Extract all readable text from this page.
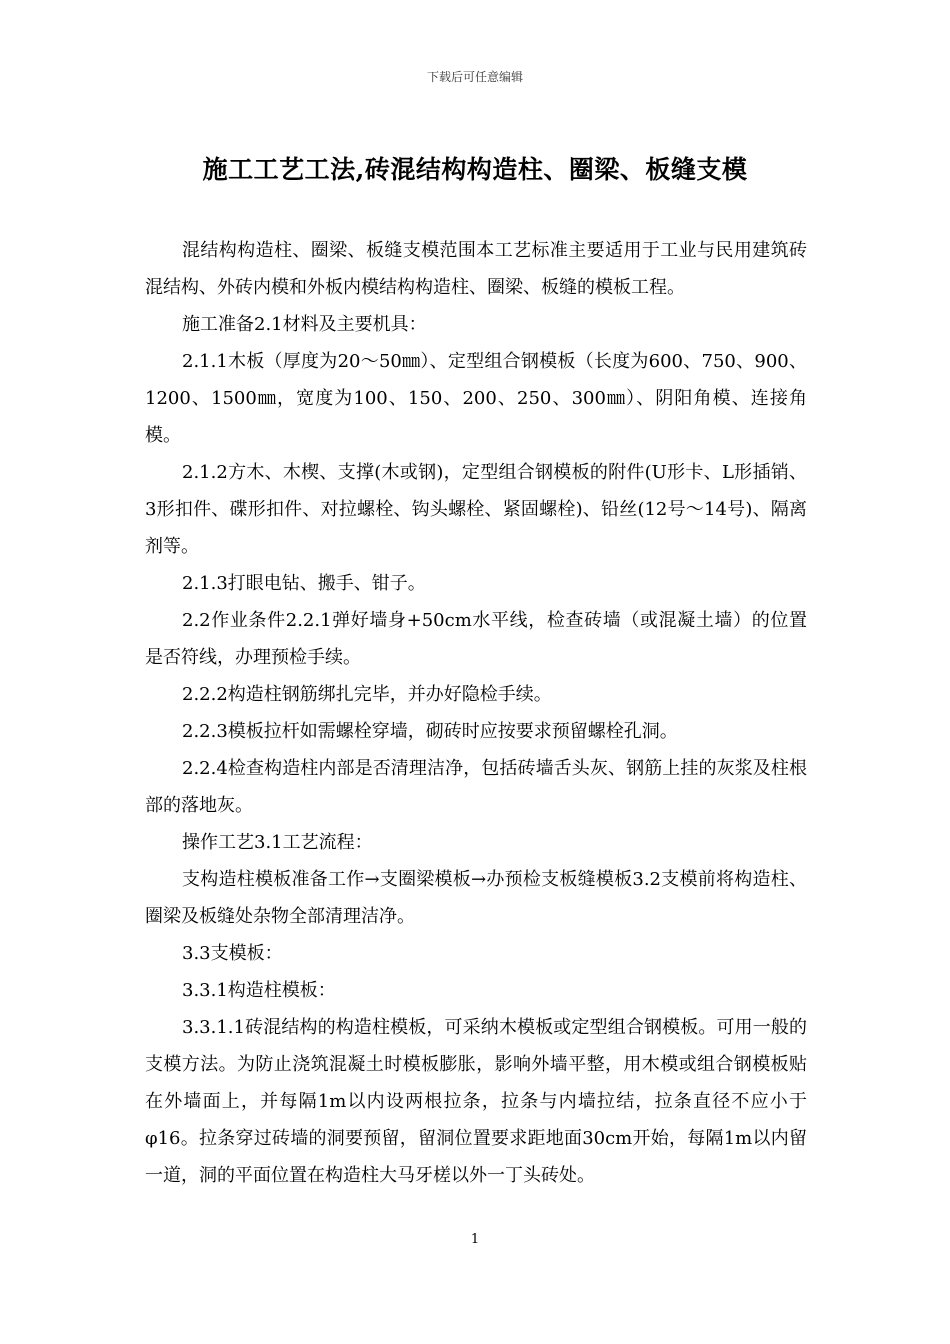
下载后可任意编辑
施工工艺工法,砖混结构构造柱、圈梁、板缝支模

混结构构造柱、圈梁、板缝支模范围本工艺标准主要适用于工业与民用建筑砖混结构、外砖内模和外板内模结构构造柱、圈梁、板缝的模板工程。

施工准备2.1材料及主要机具：

2.1.1木板（厚度为20～50㎜）、定型组合钢模板（长度为600、750、900、1200、1500㎜，宽度为100、150、200、250、300㎜）、阴阳角模、连接角模。

2.1.2方木、木楔、支撑(木或钢)，定型组合钢模板的附件(U形卡、L形插销、3形扣件、碟形扣件、对拉螺栓、钩头螺栓、紧固螺栓)、铅丝(12号～14号)、隔离剂等。

2.1.3打眼电钻、搬手、钳子。

2.2作业条件2.2.1弹好墙身+50cm水平线，检查砖墙（或混凝土墙）的位置是否符线，办理预检手续。

2.2.2构造柱钢筋绑扎完毕，并办好隐检手续。

2.2.3模板拉杆如需螺栓穿墙，砌砖时应按要求预留螺栓孔洞。

2.2.4检查构造柱内部是否清理洁净，包括砖墙舌头灰、钢筋上挂的灰浆及柱根部的落地灰。

操作工艺3.1工艺流程：

支构造柱模板准备工作→支圈梁模板→办预检支板缝模板3.2支模前将构造柱、圈梁及板缝处杂物全部清理洁净。

3.3支模板：

3.3.1构造柱模板：

3.3.1.1砖混结构的构造柱模板，可采纳木模板或定型组合钢模板。可用一般的支模方法。为防止浇筑混凝土时模板膨胀，影响外墙平整，用木模或组合钢模板贴在外墙面上，并每隔1m以内设两根拉条，拉条与内墙拉结，拉条直径不应小于φ16。拉条穿过砖墙的洞要预留，留洞位置要求距地面30cm开始，每隔1m以内留一道，洞的平面位置在构造柱大马牙槎以外一丁头砖处。

1
